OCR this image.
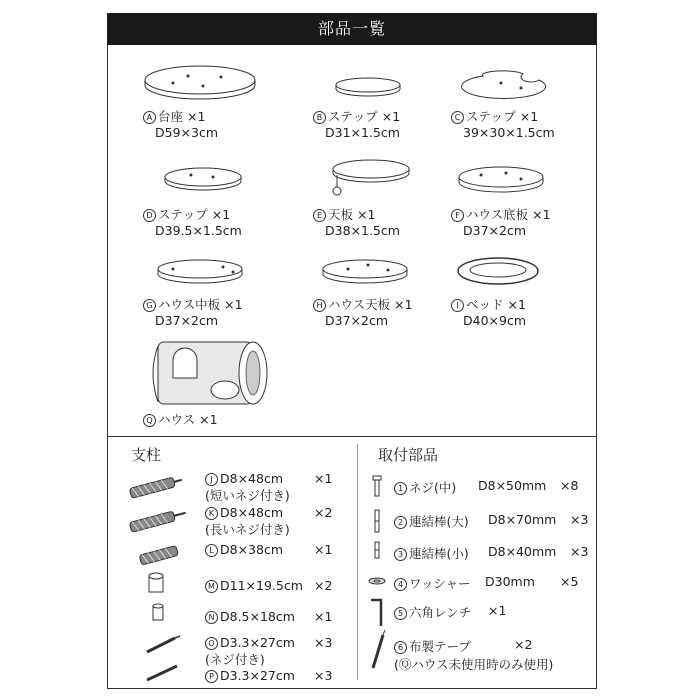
部品一覧
A 台座 ×1
D59×3cm
B ステップ ×1
D31×1.5cm
C ステップ ×1
39×30×1.5cm
D ステップ ×1
D39.5×1.5cm
E 天板 ×1
D38×1.5cm
F ハウス底板 ×1
D37×2cm
G ハウス中板 ×1
D37×2cm
H ハウス天板 ×1
D37×2cm
I ベッド ×1
D40×9cm
Q ハウス ×1
支柱
J D8×48cm
(短いネジ付き)
×1
K D8×48cm
(長いネジ付き)
×2
L D8×38cm ×1
M D11×19.5cm ×2
N D8.5×18cm ×1
O D3.3×27cm
(ネジ付き)
×3
P D3.3×27cm ×3
取付部品
1 ネジ(中) D8×50mm ×8
2 連結棒(大) D8×70mm ×3
3 連結棒(小) D8×40mm ×3
4 ワッシャー D30mm ×5
5 六角レンチ ×1
6 布製テープ
(Ⓠハウス未使用時のみ使用)
×2
